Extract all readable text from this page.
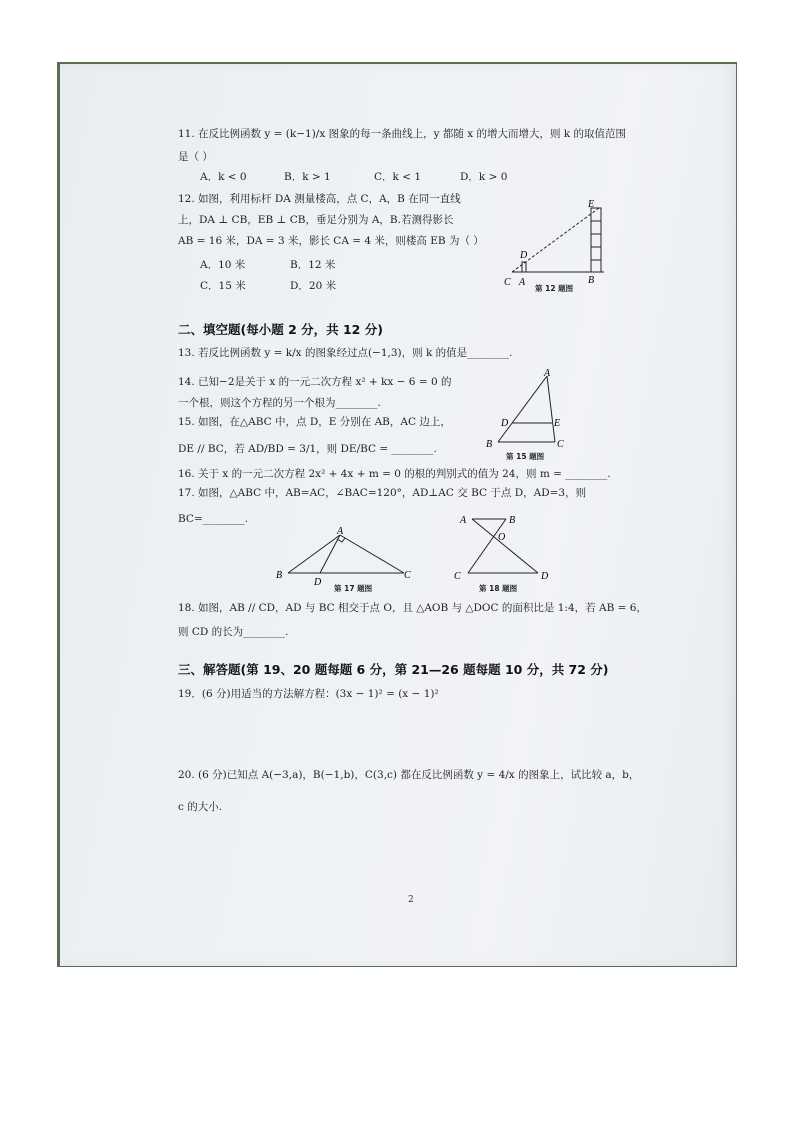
11. 在反比例函数 y = (k−1)/x 图象的每一条曲线上，y 都随 x 的增大而增大，则 k 的取值范围
是（ ）
A．k < 0	B．k > 1	C．k < 1	D．k > 0
12. 如图，利用标杆 DA 测量楼高，点 C，A，B 在同一直线
上，DA ⊥ CB，EB ⊥ CB，垂足分别为 A，B.若测得影长
AB = 16 米，DA = 3 米，影长 CA = 4 米，则楼高 EB 为（ ）
A．10 米	B．12 米
C．15 米	D．20 米
E
D
C A	B
第 12 题图
二、填空题(每小题 2 分，共 12 分)
13. 若反比例函数 y = k/x 的图象经过点(−1,3)，则 k 的值是________.
14. 已知−2是关于 x 的一元二次方程 x² + kx − 6 = 0 的
一个根，则这个方程的另一个根为________.
15. 如图，在△ABC 中，点 D，E 分别在 AB，AC 边上，
DE // BC，若 AD/BD = 3/1，则 DE/BC = ________.
A
D	E
B	C
第 15 题图
16. 关于 x 的一元二次方程 2x² + 4x + m = 0 的根的判别式的值为 24，则 m = ________.
17. 如图，△ABC 中，AB=AC，∠BAC=120°，AD⊥AC 交 BC 于点 D，AD=3，则
BC=________.
A
B
D
C
第 17 题图
A	B
O
C	D
第 18 题图
18. 如图，AB // CD，AD 与 BC 相交于点 O，且 △AOB 与 △DOC 的面积比是 1:4，若 AB = 6，
则 CD 的长为________.
三、解答题(第 19、20 题每题 6 分，第 21—26 题每题 10 分，共 72 分)
19．(6 分)用适当的方法解方程：(3x − 1)² = (x − 1)²
20. (6 分)已知点 A(−3,a)，B(−1,b)，C(3,c) 都在反比例函数 y = 4/x 的图象上，试比较 a，b，
c 的大小.
2
